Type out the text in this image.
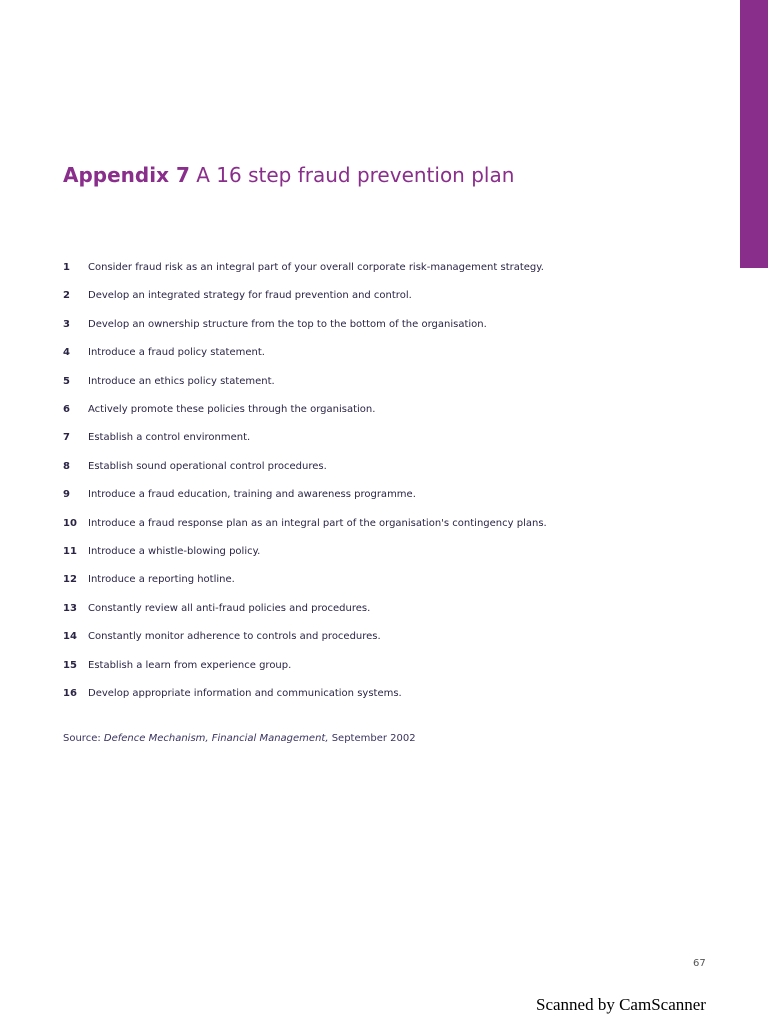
Appendix 7 A 16 step fraud prevention plan
1	Consider fraud risk as an integral part of your overall corporate risk-management strategy.
2	Develop an integrated strategy for fraud prevention and control.
3	Develop an ownership structure from the top to the bottom of the organisation.
4	Introduce a fraud policy statement.
5	Introduce an ethics policy statement.
6	Actively promote these policies through the organisation.
7	Establish a control environment.
8	Establish sound operational control procedures.
9	Introduce a fraud education, training and awareness programme.
10	Introduce a fraud response plan as an integral part of the organisation's contingency plans.
11	Introduce a whistle-blowing policy.
12	Introduce a reporting hotline.
13	Constantly review all anti-fraud policies and procedures.
14	Constantly monitor adherence to controls and procedures.
15	Establish a learn from experience group.
16	Develop appropriate information and communication systems.
Source: Defence Mechanism, Financial Management, September 2002
67
Scanned by CamScanner
